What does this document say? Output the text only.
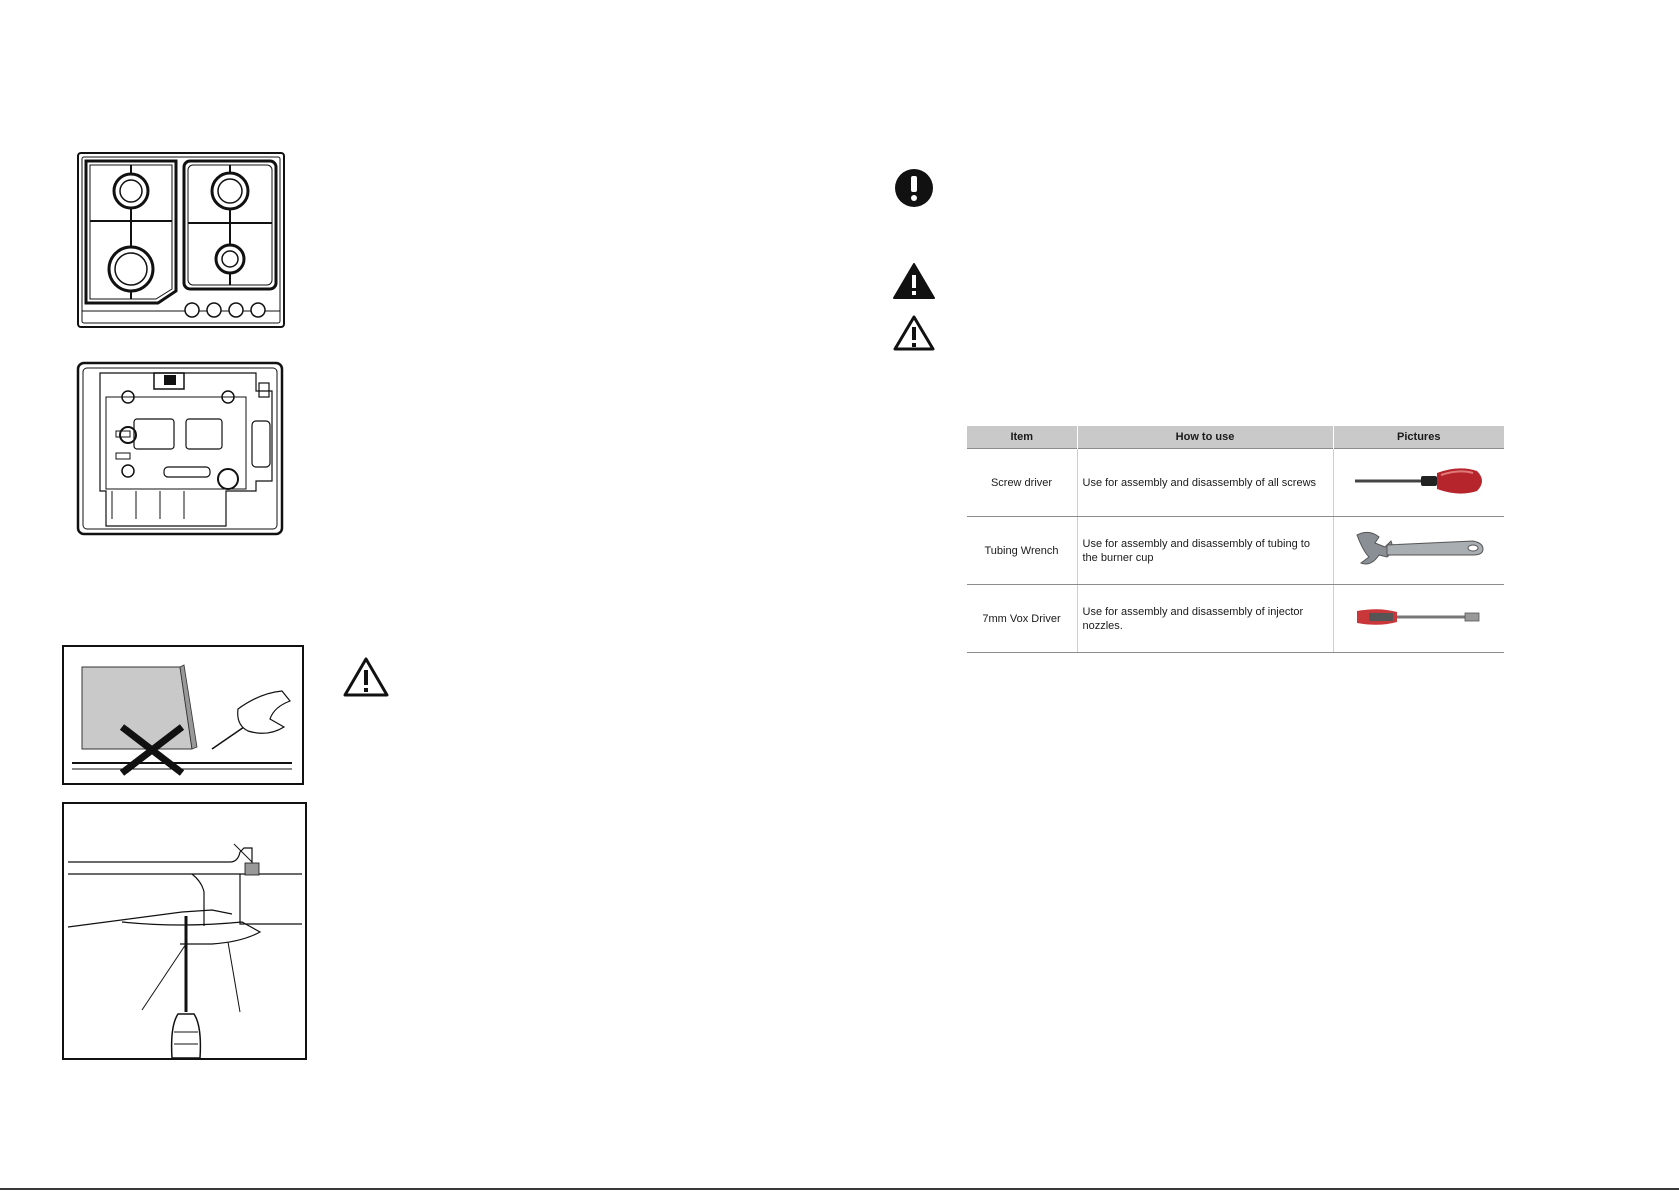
Item	How to use	Pictures
Screw driver	Use for assembly and disassembly of all screws	
Tubing Wrench	Use for assembly and disassembly of tubing to the burner cup	
7mm Vox Driver	Use for assembly and disassembly of injector nozzles.	
